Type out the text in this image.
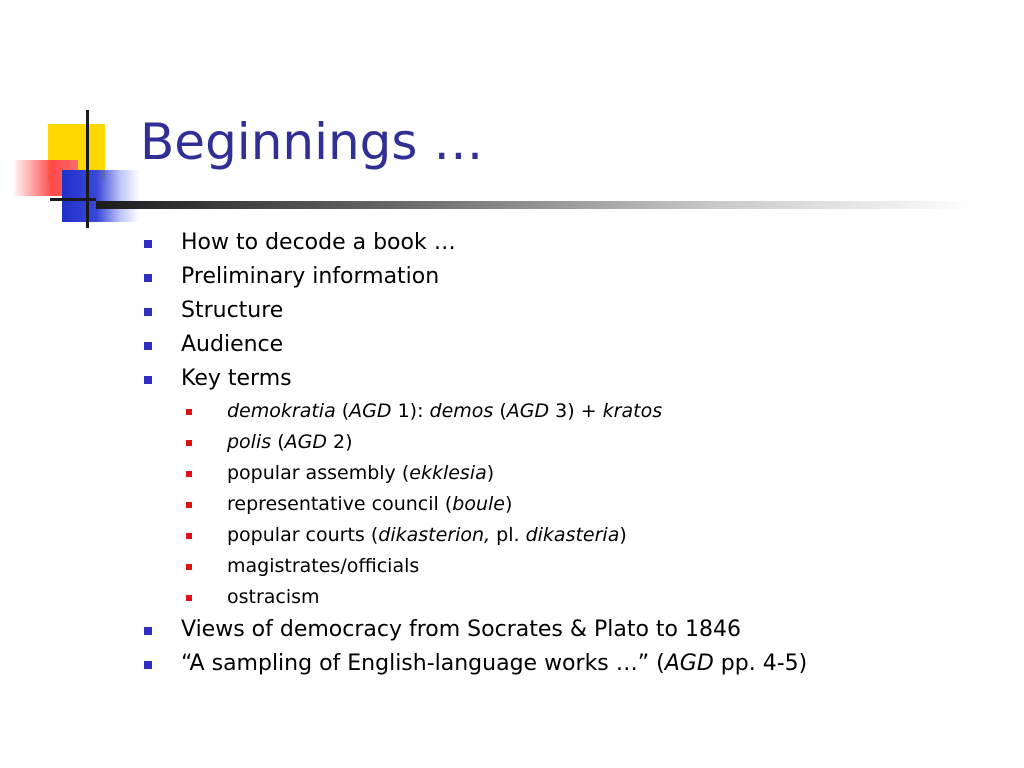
Beginnings …
How to decode a book …
Preliminary information
Structure
Audience
Key terms
demokratia (AGD 1): demos (AGD 3) + kratos
polis (AGD 2)
popular assembly (ekklesia)
representative council (boule)
popular courts (dikasterion, pl. dikasteria)
magistrates/officials
ostracism
Views of democracy from Socrates & Plato to 1846
“A sampling of English-language works …” (AGD pp. 4-5)
